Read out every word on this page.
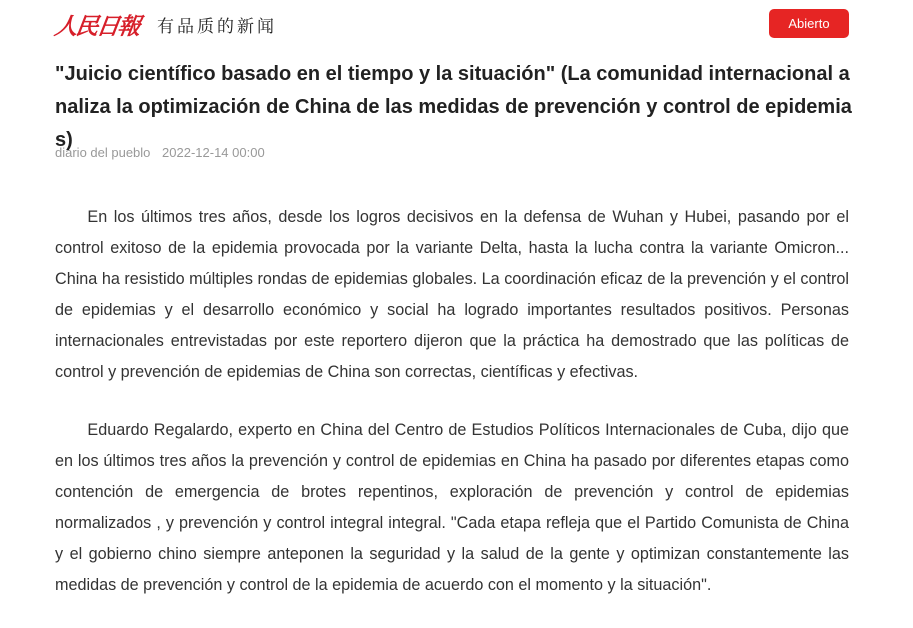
人民日報 有品质的新闻	Abierto
"Juicio científico basado en el tiempo y la situación" (La comunidad internacional analiza la optimización de China de las medidas de prevención y control de epidemias)
diario del pueblo 2022-12-14 00:00

En los últimos tres años, desde los logros decisivos en la defensa de Wuhan y Hubei, pasando por el control exitoso de la epidemia provocada por la variante Delta, hasta la lucha contra la variante Omicron... China ha resistido múltiples rondas de epidemias globales. La coordinación eficaz de la prevención y el control de epidemias y el desarrollo económico y social ha logrado importantes resultados positivos. Personas internacionales entrevistadas por este reportero dijeron que la práctica ha demostrado que las políticas de control y prevención de epidemias de China son correctas, científicas y efectivas.

Eduardo Regalardo, experto en China del Centro de Estudios Políticos Internacionales de Cuba, dijo que en los últimos tres años la prevención y control de epidemias en China ha pasado por diferentes etapas como contención de emergencia de brotes repentinos, exploración de prevención y control de epidemias normalizados , y prevención y control integral integral. "Cada etapa refleja que el Partido Comunista de China y el gobierno chino siempre anteponen la seguridad y la salud de la gente y optimizan constantemente las medidas de prevención y control de la epidemia de acuerdo con el momento y la situación".
